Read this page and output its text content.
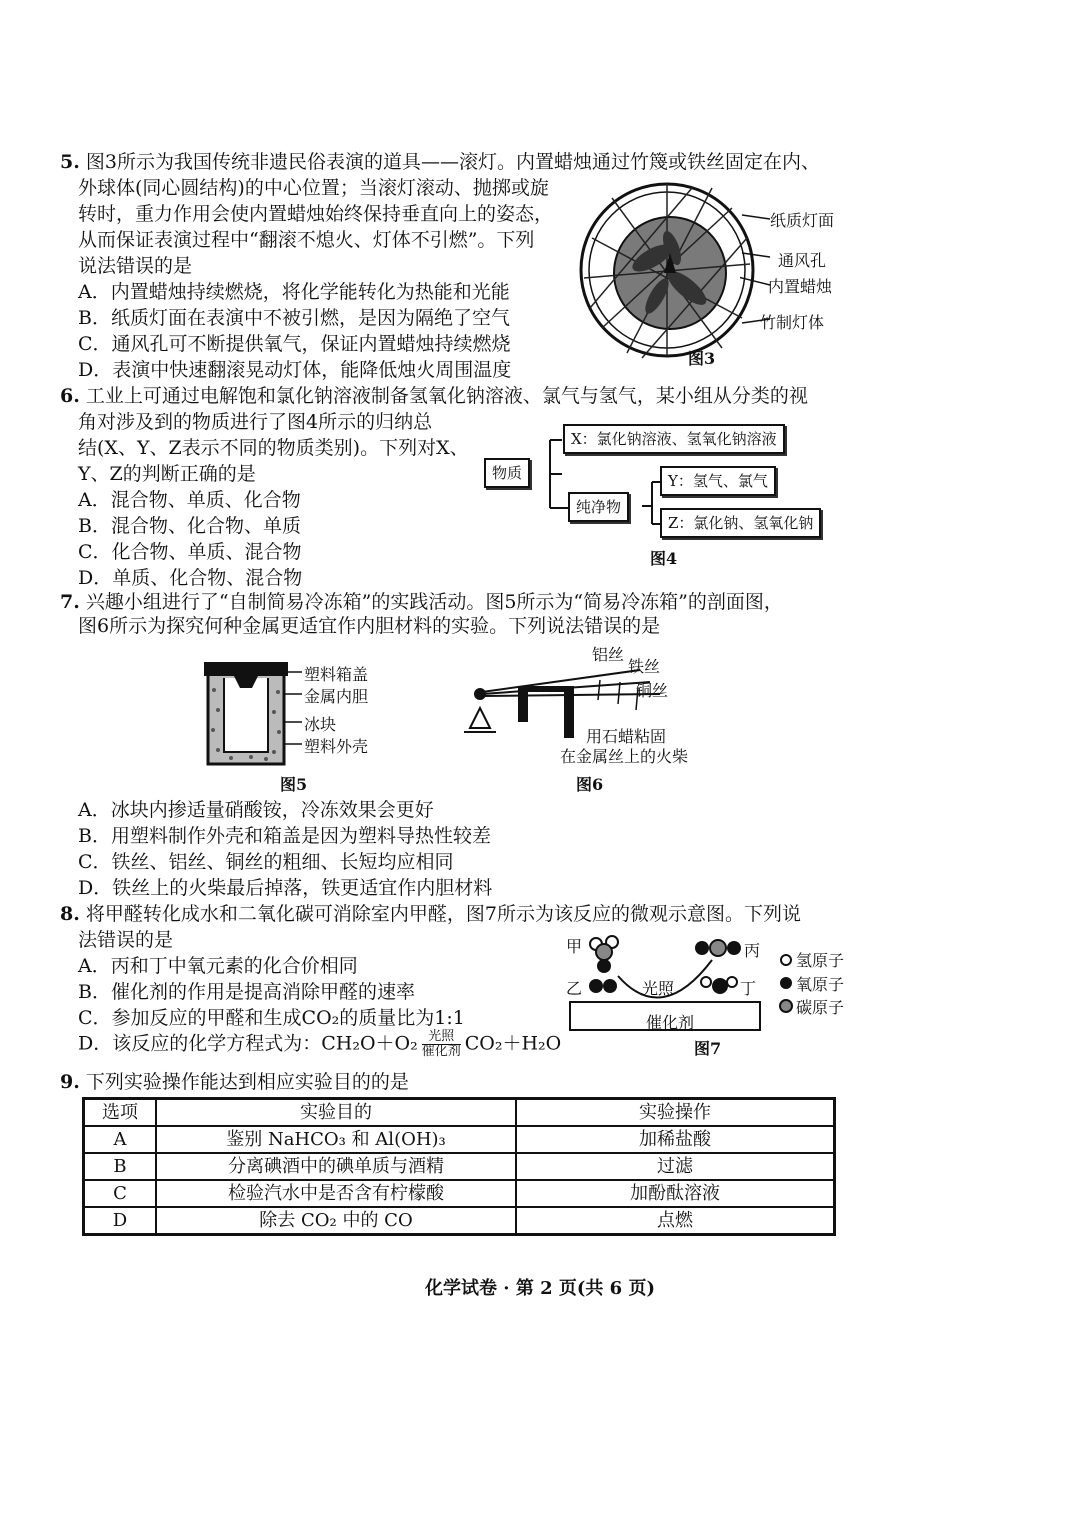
5. 图3所示为我国传统非遗民俗表演的道具——滚灯。内置蜡烛通过竹篾或铁丝固定在内、
外球体(同心圆结构)的中心位置；当滚灯滚动、抛掷或旋
转时，重力作用会使内置蜡烛始终保持垂直向上的姿态，
从而保证表演过程中“翻滚不熄火、灯体不引燃”。下列
说法错误的是
A．内置蜡烛持续燃烧，将化学能转化为热能和光能
B．纸质灯面在表演中不被引燃，是因为隔绝了空气
C．通风孔可不断提供氧气，保证内置蜡烛持续燃烧
D．表演中快速翻滚晃动灯体，能降低烛火周围温度
纸质灯面
通风孔
内置蜡烛
竹制灯体
图3
6. 工业上可通过电解饱和氯化钠溶液制备氢氧化钠溶液、氯气与氢气，某小组从分类的视
角对涉及到的物质进行了图4所示的归纳总
结(X、Y、Z表示不同的物质类别)。下列对X、
Y、Z的判断正确的是
A．混合物、单质、化合物
B．混合物、化合物、单质
C．化合物、单质、混合物
D．单质、化合物、混合物
物质
X：氯化钠溶液、氢氧化钠溶液
纯净物
Y：氢气、氯气
Z：氯化钠、氢氧化钠
图4
7. 兴趣小组进行了“自制简易冷冻箱”的实践活动。图5所示为“简易冷冻箱”的剖面图，
图6所示为探究何种金属更适宜作内胆材料的实验。下列说法错误的是
塑料箱盖
金属内胆
冰块
塑料外壳
图5
铝丝
铁丝
铜丝
用石蜡粘固
在金属丝上的火柴
图6
A．冰块内掺适量硝酸铵，冷冻效果会更好
B．用塑料制作外壳和箱盖是因为塑料导热性较差
C．铁丝、铝丝、铜丝的粗细、长短均应相同
D．铁丝上的火柴最后掉落，铁更适宜作内胆材料
8. 将甲醛转化成水和二氧化碳可消除室内甲醛，图7所示为该反应的微观示意图。下列说
法错误的是
A．丙和丁中氧元素的化合价相同
B．催化剂的作用是提高消除甲醛的速率
C．参加反应的甲醛和生成CO₂的质量比为1:1
D．该反应的化学方程式为：$CH_2O+O_2 \frac{\text{光照}}{\text{催化剂}} CO_2+H_2O$
甲
乙
丙
丁
光照
催化剂
图7
氢原子
氧原子
碳原子
9. 下列实验操作能达到相应实验目的的是
选项	实验目的	实验操作
A	鉴别 NaHCO₃ 和 Al(OH)₃	加稀盐酸
B	分离碘酒中的碘单质与酒精	过滤
C	检验汽水中是否含有柠檬酸	加酚酞溶液
D	除去 CO₂ 中的 CO	点燃
化学试卷 · 第 2 页(共 6 页)
